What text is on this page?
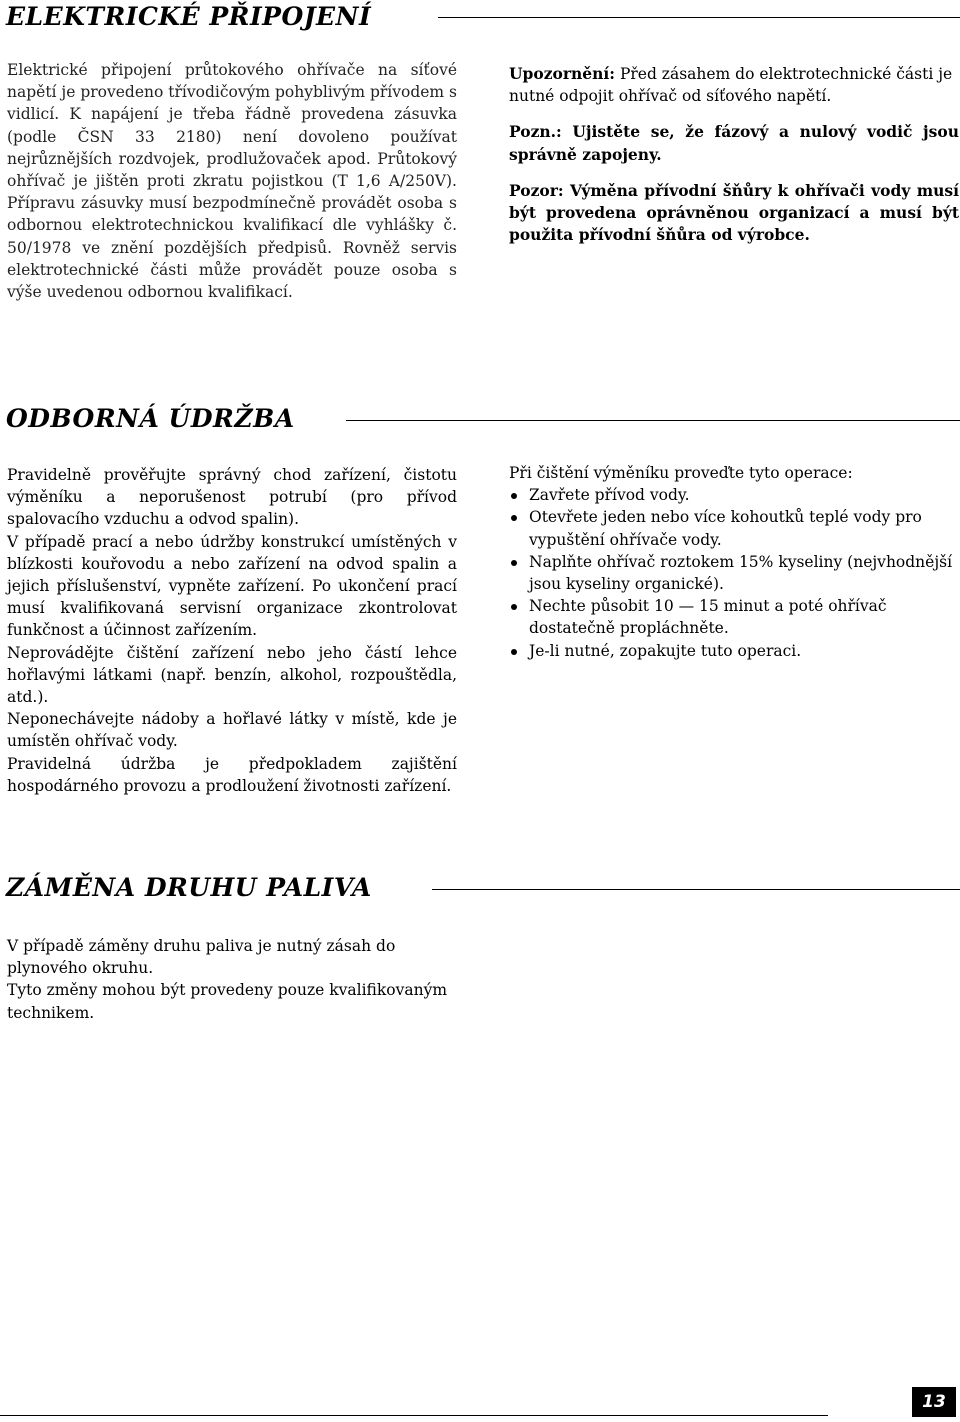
ELEKTRICKÉ PŘIPOJENÍ

Elektrické připojení průtokového ohřívače na síťové napětí je provedeno třívodičovým pohyblivým přívodem s vidlicí. K napájení je třeba řádně provedena zásuvka (podle ČSN 33 2180) není dovoleno používat nejrůznějších rozdvojek, prodlužovaček apod. Průtokový ohřívač je jištěn proti zkratu pojistkou (T 1,6 A/250V). Přípravu zásuvky musí bezpodmínečně provádět osoba s odbornou elektrotechnickou kvalifikací dle vyhlášky č. 50/1978 ve znění pozdějších předpisů. Rovněž servis elektrotechnické části může provádět pouze osoba s výše uvedenou odbornou kvalifikací.

Upozornění: Před zásahem do elektrotechnické části je nutné odpojit ohřívač od síťového napětí.

Pozn.: Ujistěte se, že fázový a nulový vodič jsou správně zapojeny.

Pozor: Výměna přívodní šňůry k ohřívači vody musí být provedena oprávněnou organizací a musí být použita přívodní šňůra od výrobce.

ODBORNÁ ÚDRŽBA

Pravidelně prověřujte správný chod zařízení, čistotu výměníku a neporušenost potrubí (pro přívod spalovacího vzduchu a odvod spalin).

V případě prací a nebo údržby konstrukcí umístěných v blízkosti kouřovodu a nebo zařízení na odvod spalin a jejich příslušenství, vypněte zařízení. Po ukončení prací musí kvalifikovaná servisní organizace zkontrolovat funkčnost a účinnost zařízením.

Neprovádějte čištění zařízení nebo jeho částí lehce hořlavými látkami (např. benzín, alkohol, rozpouštědla, atd.).

Neponechávejte nádoby a hořlavé látky v místě, kde je umístěn ohřívač vody.

Pravidelná údržba je předpokladem zajištění hospodárného provozu a prodloužení životnosti zařízení.

Při čištění výměníku proveďte tyto operace:

Zavřete přívod vody.
Otevřete jeden nebo více kohoutků teplé vody pro vypuštění ohřívače vody.
Naplňte ohřívač roztokem 15% kyseliny (nejvhodnější jsou kyseliny organické).
Nechte působit 10 — 15 minut a poté ohřívač dostatečně propláchněte.
Je-li nutné, zopakujte tuto operaci.
ZÁMĚNA DRUHU PALIVA

V případě záměny druhu paliva je nutný zásah do plynového okruhu.

Tyto změny mohou být provedeny pouze kvalifikovaným technikem.

13
